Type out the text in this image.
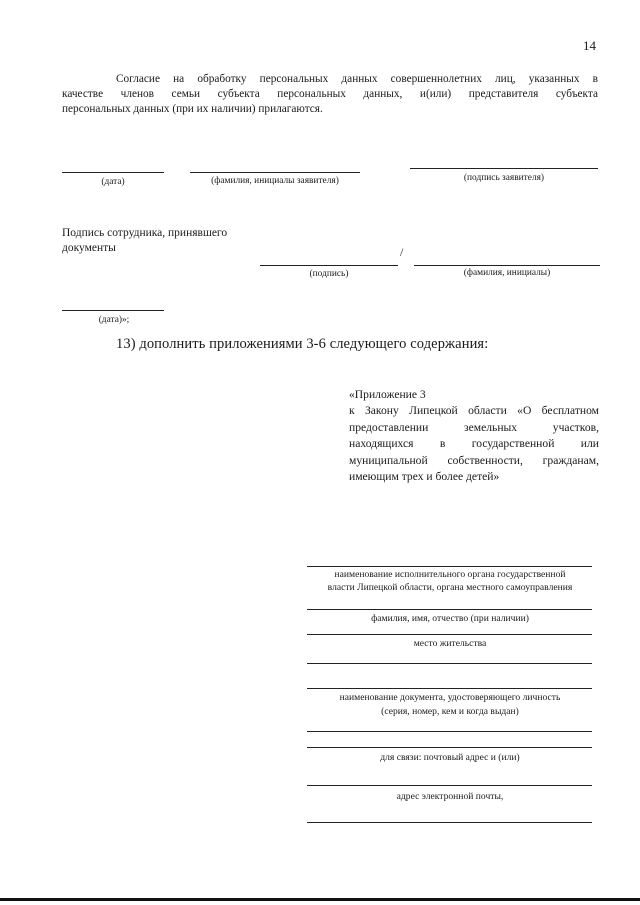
14

Согласие на обработку персональных данных совершеннолетних лиц, указанных в

качестве членов семьи субъекта персональных данных, и(или) представителя субъекта

персональных данных (при их наличии) прилагаются.

(дата)	(фамилия, инициалы заявителя)	(подпись заявителя)
Подпись сотрудника, принявшего
документы	/
(подпись)	(фамилия, инициалы)
(дата)»;
13) дополнить приложениями 3-6 следующего содержания:

«Приложение 3

к Закону Липецкой области «О бесплатном

предоставлении земельных участков,

находящихся в государственной или

муниципальной собственности, гражданам,

имеющим трех и более детей»

наименование исполнительного органа государственной
власти Липецкой области, органа местного самоуправления
фамилия, имя, отчество (при наличии)
место жительства
наименование документа, удостоверяющего личность
(серия, номер, кем и когда выдан)
для связи: почтовый адрес и (или)
адрес электронной почты,
